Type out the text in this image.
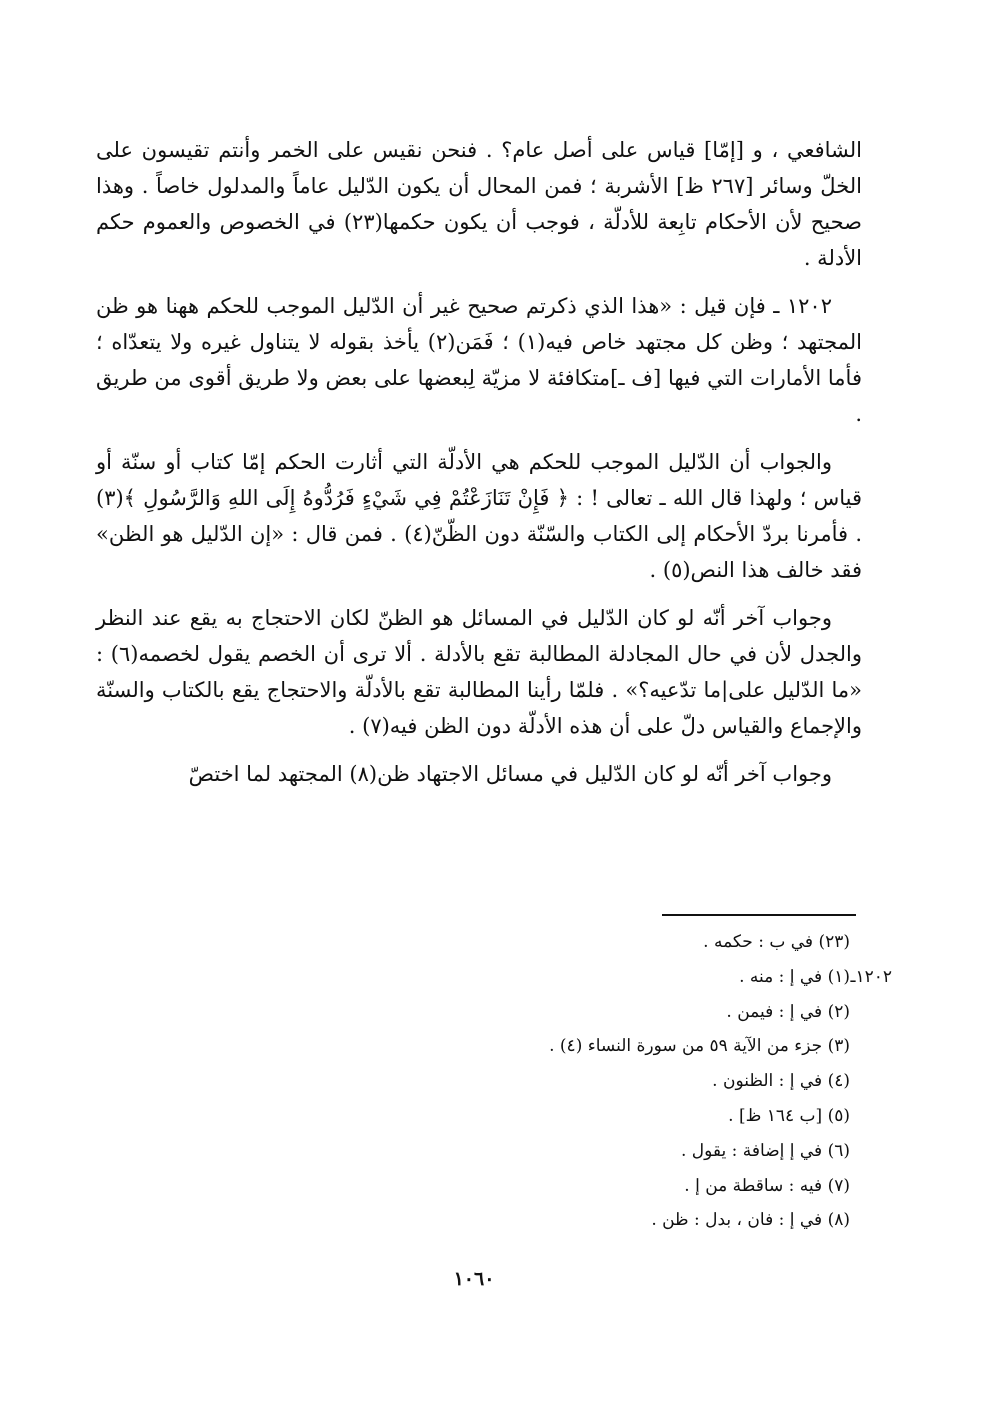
الشافعي ، و [إمّا] قياس على أصل عام؟ . فنحن نقيس على الخمر وأنتم تقيسون على الخلّ وسائر [٢٦٧ ظ] الأشربة ؛ فمن المحال أن يكون الدّليل عاماً والمدلول خاصاً . وهذا صحيح لأن الأحكام تابِعة للأدلّة ، فوجب أن يكون حكمها(٢٣) في الخصوص والعموم حكم الأدلة .

١٢٠٢ ـ فإن قيل : «هذا الذي ذكرتم صحيح غير أن الدّليل الموجب للحكم ههنا هو ظن المجتهد ؛ وظن كل مجتهد خاص فيه(١) ؛ فَمَن(٢) يأخذ بقوله لا يتناول غيره ولا يتعدّاه ؛ فأما الأمارات التي فيها [ف ـ]متكافئة لا مزيّة لِبعضها على بعض ولا طريق أقوى من طريق .

والجواب أن الدّليل الموجب للحكم هي الأدلّة التي أثارت الحكم إمّا كتاب أو سنّة أو قياس ؛ ولهذا قال الله ـ تعالى ! : ﴿ فَإِنْ تَنَازَعْتُمْ فِي شَيْءٍ فَرُدُّوهُ إِلَى اللهِ وَالرَّسُولِ ﴾(٣) . فأمرنا بردّ الأحكام إلى الكتاب والسّنّة دون الظّنّ(٤) . فمن قال : «إن الدّليل هو الظن» فقد خالف هذا النص(٥) .

وجواب آخر أنّه لو كان الدّليل في المسائل هو الظنّ لكان الاحتجاج به يقع عند النظر والجدل لأن في حال المجادلة المطالبة تقع بالأدلة . ألا ترى أن الخصم يقول لخصمه(٦) : «ما الدّليل على|ما تدّعيه؟» . فلمّا رأينا المطالبة تقع بالأدلّة والاحتجاج يقع بالكتاب والسنّة والإجماع والقياس دلّ على أن هذه الأدلّة دون الظن فيه(٧) .

وجواب آخر أنّه لو كان الدّليل في مسائل الاجتهاد ظن(٨) المجتهد لما اختصّ

(٢٣) في ب : حكمه .

١٢٠٢ـ
(١) في إ : منه .

(٢) في إ : فيمن .

(٣) جزء من الآية ٥٩ من سورة النساء (٤) .

(٤) في إ : الظنون .

(٥) [ب ١٦٤ ظ] .

(٦) في إ إضافة : يقول .

(٧) فيه : ساقطة من إ .

(٨) في إ : فان ، بدل : ظن .

١٠٦٠
